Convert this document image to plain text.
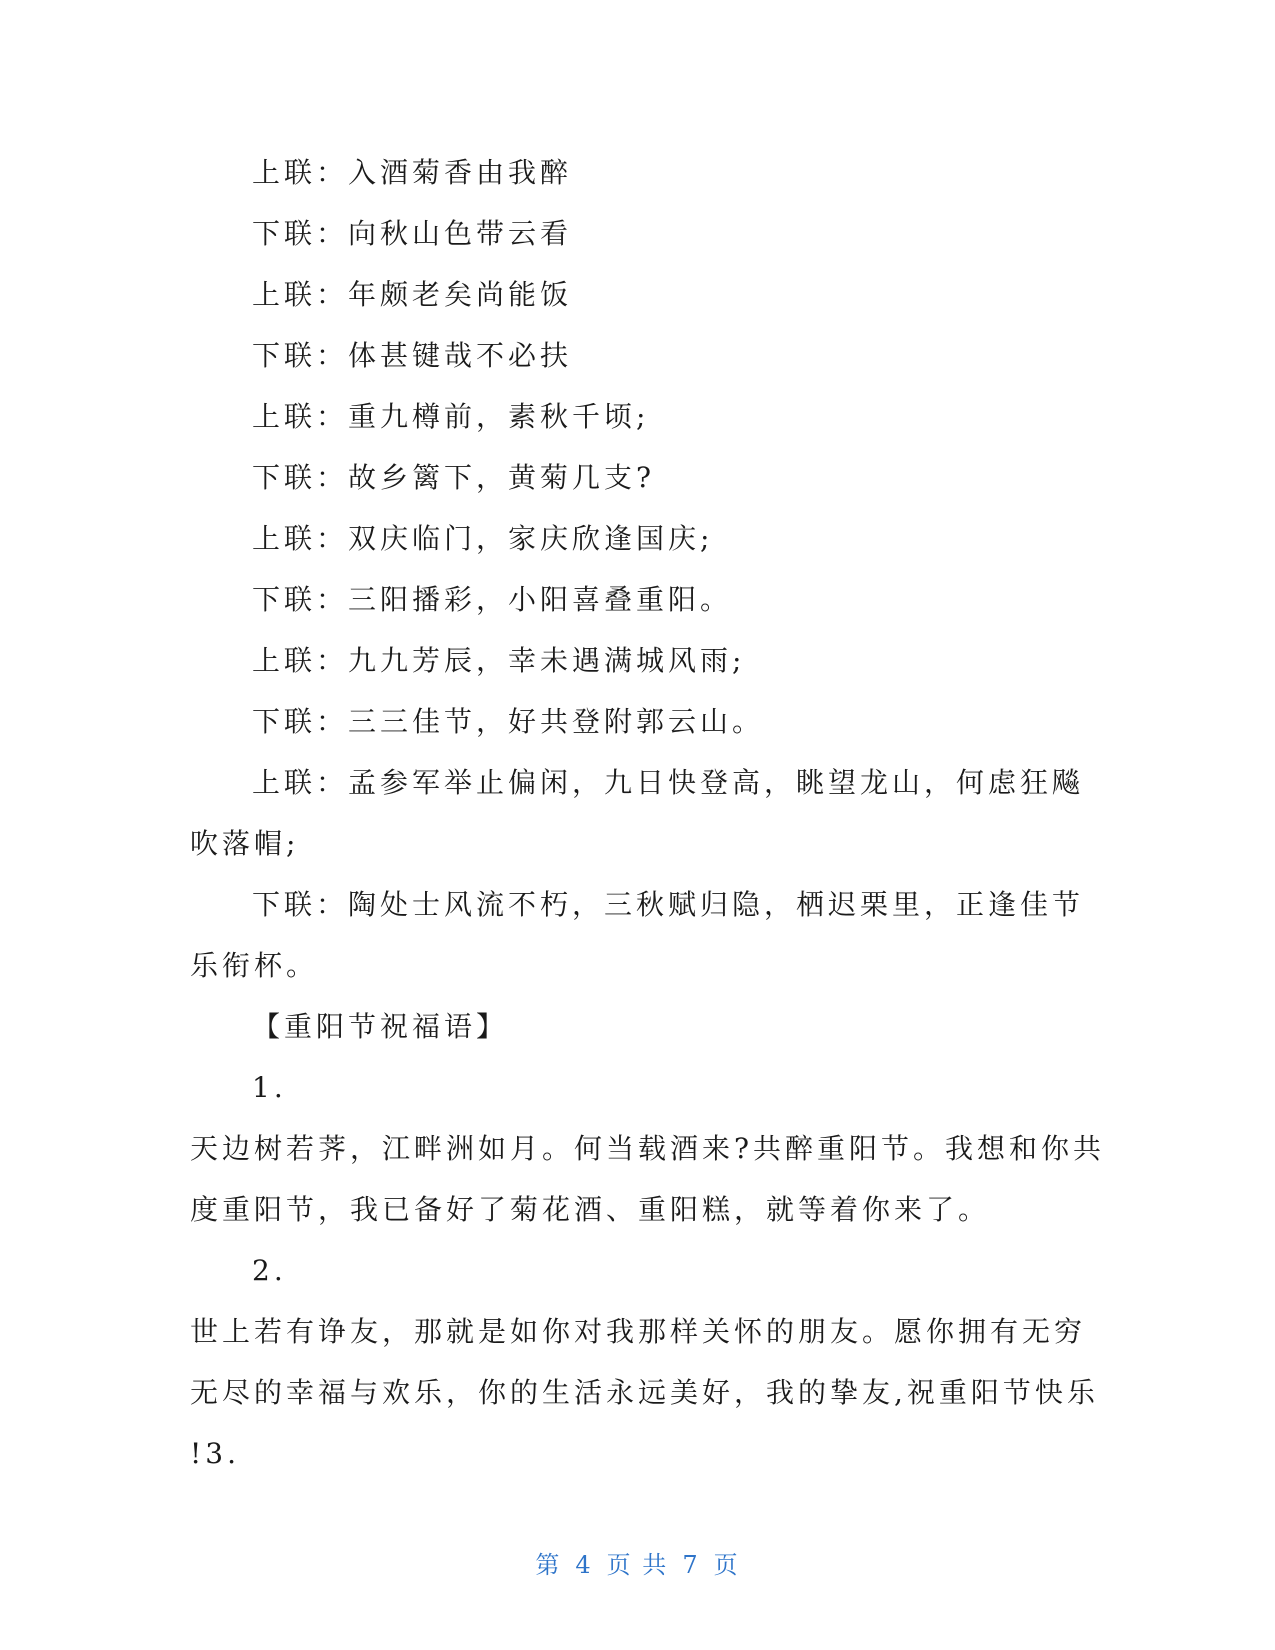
上联：入酒菊香由我醉

下联：向秋山色带云看

上联：年颇老矣尚能饭

下联：体甚键哉不必扶

上联：重九樽前，素秋千顷;

下联：故乡篱下，黄菊几支?

上联：双庆临门，家庆欣逢国庆;

下联：三阳播彩，小阳喜叠重阳。

上联：九九芳辰，幸未遇满城风雨;

下联：三三佳节，好共登附郭云山。

上联：孟参军举止偏闲，九日快登高，眺望龙山，何虑狂飚

吹落帽;

下联：陶处士风流不朽，三秋赋归隐，栖迟栗里，正逢佳节

乐衔杯。

【重阳节祝福语】

1.

天边树若荠，江畔洲如月。何当载酒来?共醉重阳节。我想和你共

度重阳节，我已备好了菊花酒、重阳糕，就等着你来了。

2.

世上若有诤友，那就是如你对我那样关怀的朋友。愿你拥有无穷

无尽的幸福与欢乐，你的生活永远美好，我的挚友,祝重阳节快乐

!3.

第 4 页 共 7 页
